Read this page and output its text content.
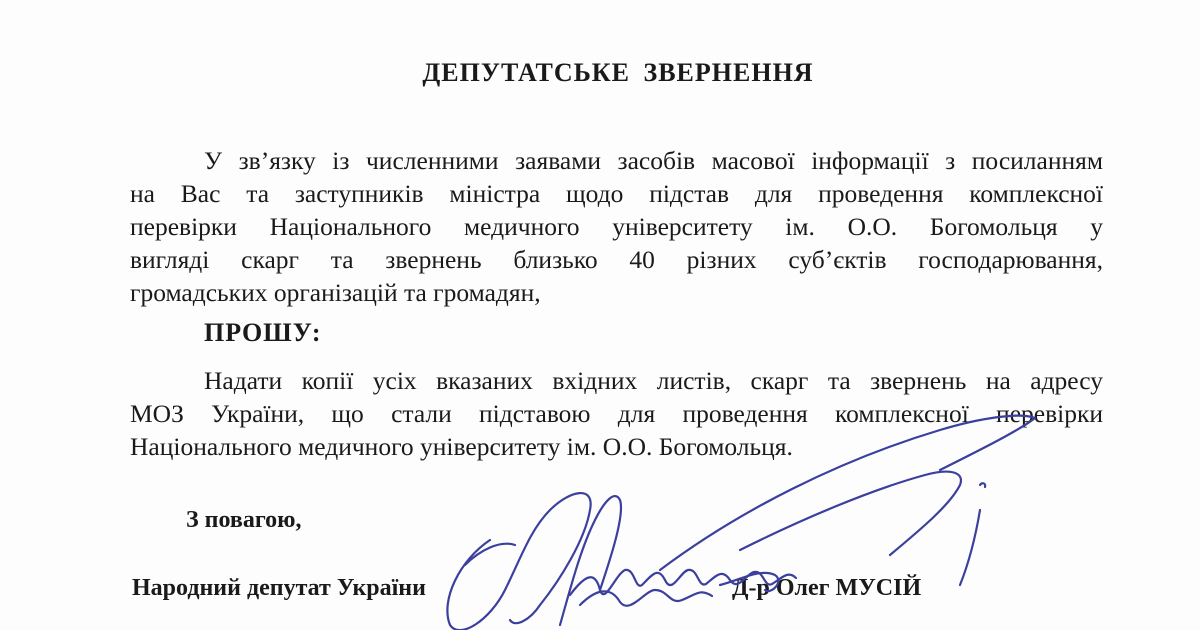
ДЕПУТАТСЬКЕ ЗВЕРНЕННЯ
У зв’язку із численними заявами засобів масової інформації з посиланням
на Вас та заступників міністра щодо підстав для проведення комплексної
перевірки Національного медичного університету ім. О.О. Богомольця у
вигляді скарг та звернень близько 40 різних суб’єктів господарювання,
громадських організацій та громадян,
ПРОШУ:
Надати копії усіх вказаних вхідних листів, скарг та звернень на адресу
МОЗ України, що стали підставою для проведення комплексної перевірки
Національного медичного університету ім. О.О. Богомольця.
З повагою,
Народний депутат України	Д-р Олег МУСІЙ
